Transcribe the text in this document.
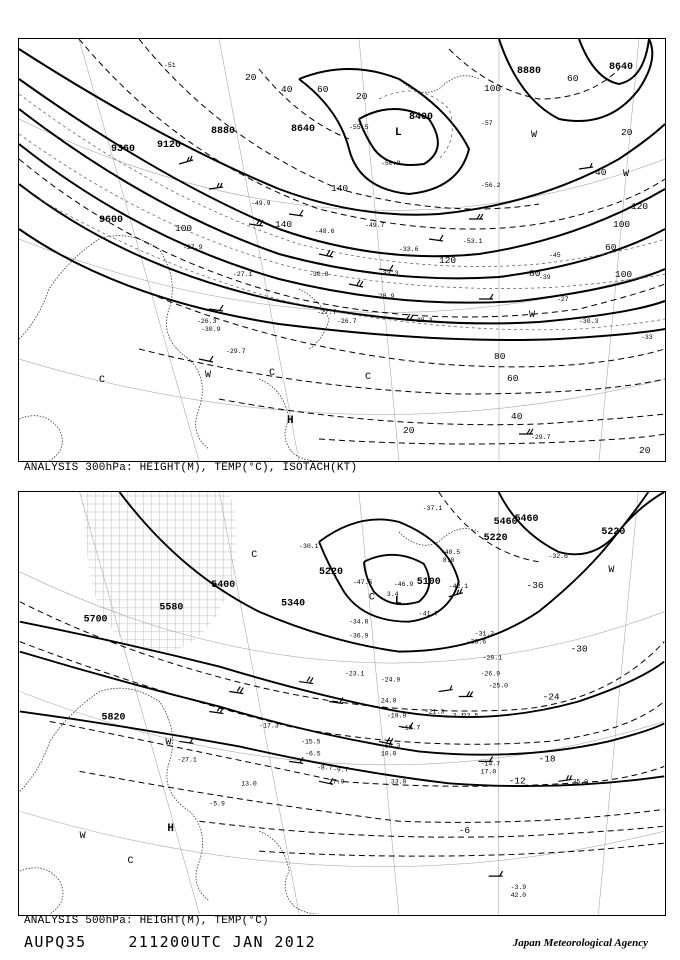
9360 9120
8880	8640
8400
8880	8640
9600
40
20
60
20
100
60
20
40
100
120
100
60
80
100
80
60
40
20
20
140
140
120
-55.5
-51
-57
-50.9
-56.2
-49.7
-48.6
-53.1
-45
-39
-33
-27
-33.3
-30.8
-27.7
-26.7
-28.9
-28.3	-30.3
-27.1
-29.7
-26.3
-27.9	-33.6
-49.9
-30.9
-29.7
H
L
W
C
C	C
W
W
W
ANALYSIS 300hPa: HEIGHT(M), TEMP(°C), ISOTACH(KT)
5460
5220
5400
5580
5700
5820
5100
5340
5220
5460
5220
-36
-30
-24
-18
-12
-6
-47.5	-46.9
3.4
-40.5
8.0
-42.1
-41.7
-34.8
-36.9
-24.9
-23.1
24.0
-21.3
22.5
-19.9
-18.7
-17.3
-16.3
-15.5
-14.7
-9.7
-8.7
-6.5
-5.9
-3.9
42.0
35.0
33.0
27.0
17.0
13.0
10.0
-31.2
-33.6
-29.1
-26.9
-25.0
-32.6
-30.1
2.1
-27.1
-37.1
H
L
W
W
C
C
C
W
ANALYSIS 500hPa: HEIGHT(M), TEMP(°C)
AUPQ35	211200UTC JAN 2012	Japan Meteorological Agency
